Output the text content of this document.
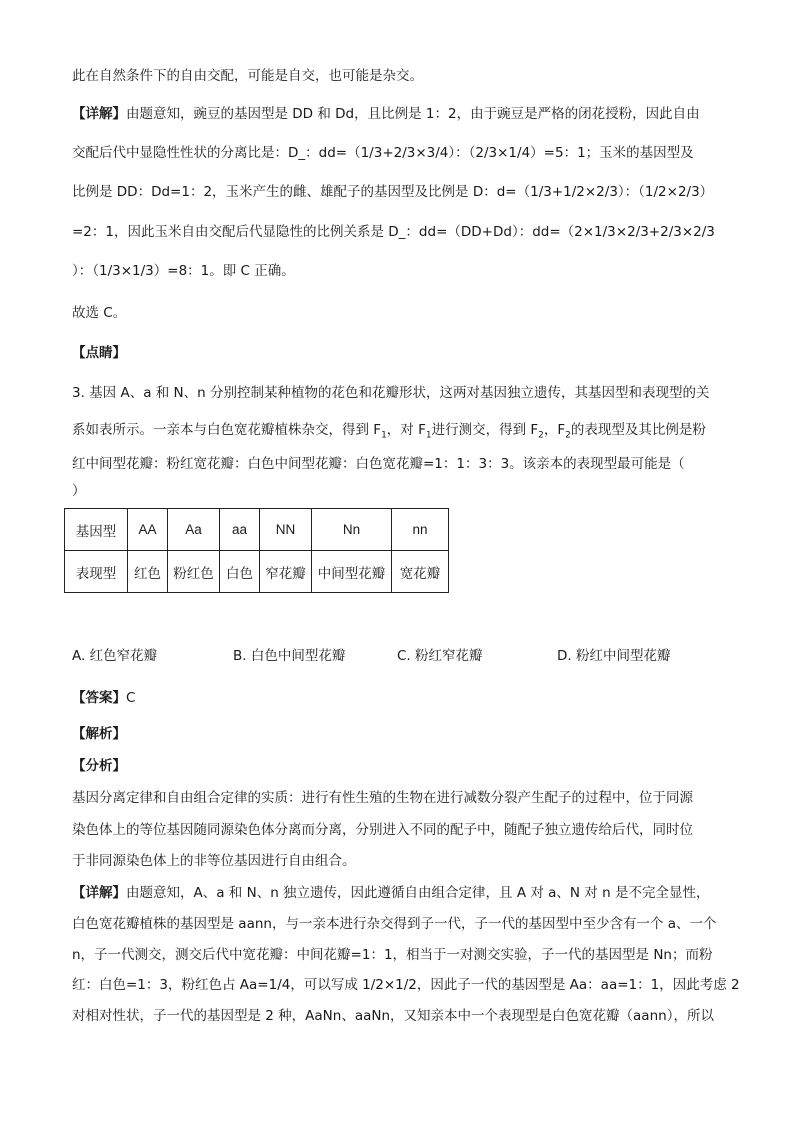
此在自然条件下的自由交配，可能是自交，也可能是杂交。
【详解】由题意知，豌豆的基因型是 DD 和 Dd，且比例是 1：2，由于豌豆是严格的闭花授粉，因此自由
交配后代中显隐性性状的分离比是：D_：dd=（1/3+2/3×3/4）：（2/3×1/4）=5：1；玉米的基因型及
比例是 DD：Dd=1：2，玉米产生的雌、雄配子的基因型及比例是 D：d=（1/3+1/2×2/3）：（1/2×2/3）
=2：1，因此玉米自由交配后代显隐性的比例关系是 D_：dd=（DD+Dd）：dd=（2×1/3×2/3+2/3×2/3
）：（1/3×1/3）=8：1。即 C 正确。
故选 C。
【点睛】
3. 基因 A、a 和 N、n 分别控制某种植物的花色和花瓣形状，这两对基因独立遗传，其基因型和表现型的关
系如表所示。一亲本与白色宽花瓣植株杂交，得到 $F_1$，对 $F_1$进行测交，得到 $F_2$，$F_2$的表现型及其比例是粉
红中间型花瓣：粉红宽花瓣：白色中间型花瓣：白色宽花瓣=1：1：3：3。该亲本的表现型最可能是（
）
基因型	AA	Aa	aa	NN	Nn	nn
表现型	红色	粉红色	白色	窄花瓣	中间型花瓣	宽花瓣
A. 红色窄花瓣	B. 白色中间型花瓣	C. 粉红窄花瓣	D. 粉红中间型花瓣
【答案】C
【解析】
【分析】
基因分离定律和自由组合定律的实质：进行有性生殖的生物在进行减数分裂产生配子的过程中，位于同源
染色体上的等位基因随同源染色体分离而分离，分别进入不同的配子中，随配子独立遗传给后代，同时位
于非同源染色体上的非等位基因进行自由组合。
【详解】由题意知，A、a 和 N、n 独立遗传，因此遵循自由组合定律，且 A 对 a、N 对 n 是不完全显性，
白色宽花瓣植株的基因型是 aann，与一亲本进行杂交得到子一代，子一代的基因型中至少含有一个 a、一个
n，子一代测交，测交后代中宽花瓣：中间花瓣=1：1，相当于一对测交实验，子一代的基因型是 Nn；而粉
红：白色=1：3，粉红色占 Aa=1/4，可以写成 1/2×1/2，因此子一代的基因型是 Aa：aa=1：1，因此考虑 2
对相对性状，子一代的基因型是 2 种，AaNn、aaNn，又知亲本中一个表现型是白色宽花瓣（aann），所以
